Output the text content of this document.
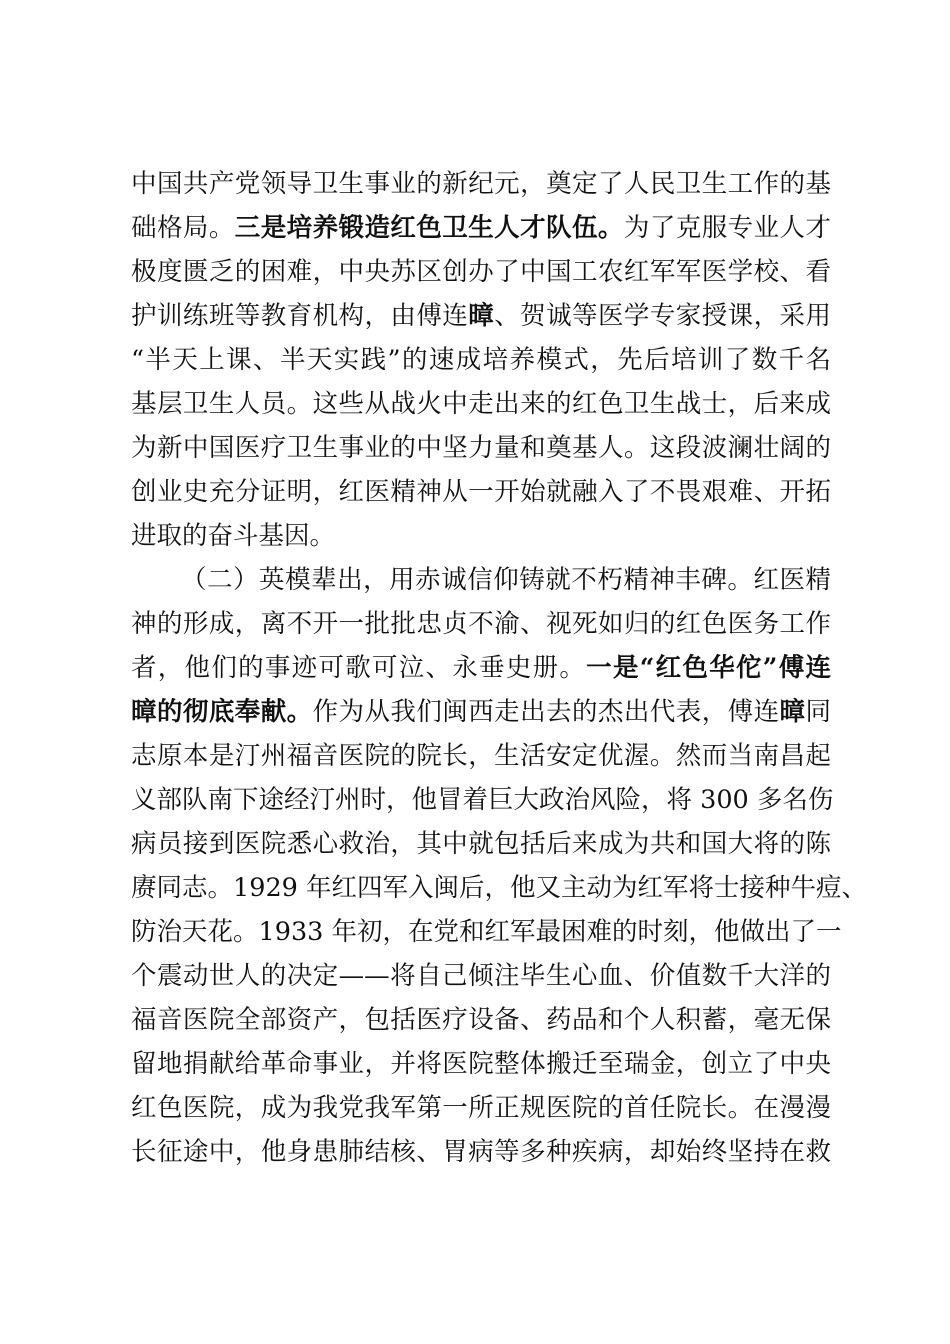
中国共产党领导卫生事业的新纪元，奠定了人民卫生工作的基
础格局。三是培养锻造红色卫生人才队伍。为了克服专业人才
极度匮乏的困难，中央苏区创办了中国工农红军军医学校、看
护训练班等教育机构，由傅连暲、贺诚等医学专家授课，采用
“半天上课、半天实践”的速成培养模式，先后培训了数千名
基层卫生人员。这些从战火中走出来的红色卫生战士，后来成
为新中国医疗卫生事业的中坚力量和奠基人。这段波澜壮阔的
创业史充分证明，红医精神从一开始就融入了不畏艰难、开拓
进取的奋斗基因。
（二）英模辈出，用赤诚信仰铸就不朽精神丰碑。红医精
神的形成，离不开一批批忠贞不渝、视死如归的红色医务工作
者，他们的事迹可歌可泣、永垂史册。一是“红色华佗”傅连
暲的彻底奉献。作为从我们闽西走出去的杰出代表，傅连暲同
志原本是汀州福音医院的院长，生活安定优渥。然而当南昌起
义部队南下途经汀州时，他冒着巨大政治风险，将 300 多名伤
病员接到医院悉心救治，其中就包括后来成为共和国大将的陈
赓同志。1929 年红四军入闽后，他又主动为红军将士接种牛痘、
防治天花。1933 年初，在党和红军最困难的时刻，他做出了一
个震动世人的决定——将自己倾注毕生心血、价值数千大洋的
福音医院全部资产，包括医疗设备、药品和个人积蓄，毫无保
留地捐献给革命事业，并将医院整体搬迁至瑞金，创立了中央
红色医院，成为我党我军第一所正规医院的首任院长。在漫漫
长征途中，他身患肺结核、胃病等多种疾病，却始终坚持在救
